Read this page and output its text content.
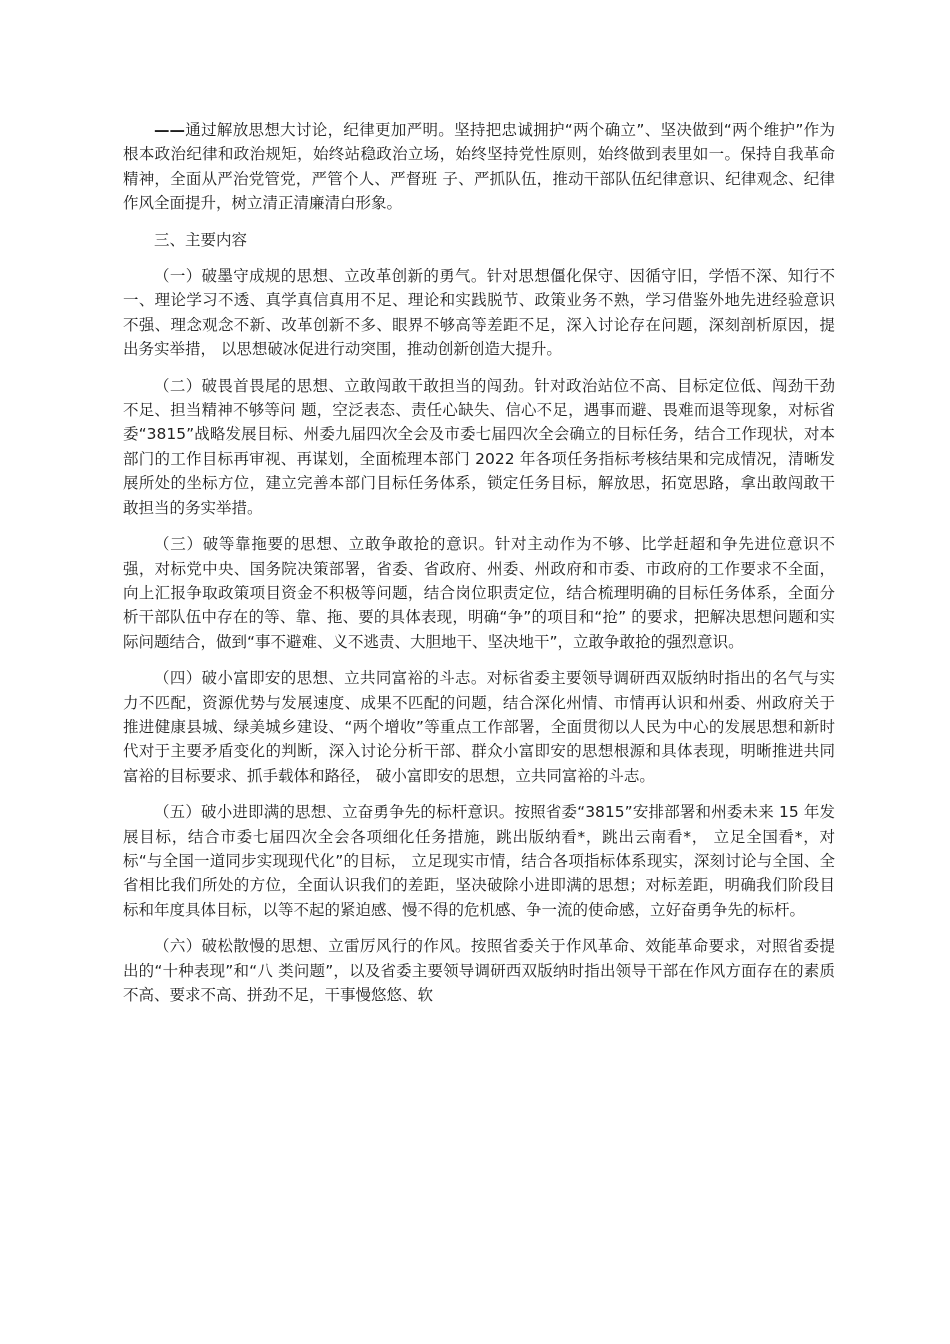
——通过解放思想大讨论，纪律更加严明。坚持把忠诚拥护“两个确立”、坚决做到“两个维护”作为根本政治纪律和政治规矩，始终站稳政治立场，始终坚持党性原则，始终做到表里如一。保持自我革命精神，全面从严治党管党，严管个人、严督班 子、严抓队伍，推动干部队伍纪律意识、纪律观念、纪律作风全面提升，树立清正清廉清白形象。

三、主要内容

（一）破墨守成规的思想、立改革创新的勇气。针对思想僵化保守、因循守旧，学悟不深、知行不一、理论学习不透、真学真信真用不足、理论和实践脱节、政策业务不熟，学习借鉴外地先进经验意识不强、理念观念不新、改革创新不多、眼界不够高等差距不足，深入讨论存在问题，深刻剖析原因，提出务实举措， 以思想破冰促进行动突围，推动创新创造大提升。

（二）破畏首畏尾的思想、立敢闯敢干敢担当的闯劲。针对政治站位不高、目标定位低、闯劲干劲不足、担当精神不够等问 题，空泛表态、责任心缺失、信心不足，遇事而避、畏难而退等现象，对标省委“3815”战略发展目标、州委九届四次全会及市委七届四次全会确立的目标任务，结合工作现状，对本部门的工作目标再审视、再谋划，全面梳理本部门 2022 年各项任务指标考核结果和完成情况，清晰发展所处的坐标方位，建立完善本部门目标任务体系，锁定任务目标，解放思，拓宽思路，拿出敢闯敢干敢担当的务实举措。

（三）破等靠拖要的思想、立敢争敢抢的意识。针对主动作为不够、比学赶超和争先进位意识不强，对标党中央、国务院决策部署，省委、省政府、州委、州政府和市委、市政府的工作要求不全面，向上汇报争取政策项目资金不积极等问题，结合岗位职责定位，结合梳理明确的目标任务体系，全面分析干部队伍中存在的等、靠、拖、要的具体表现，明确“争”的项目和“抢” 的要求，把解决思想问题和实际问题结合，做到“事不避难、义不逃责、大胆地干、坚决地干”，立敢争敢抢的强烈意识。

（四）破小富即安的思想、立共同富裕的斗志。对标省委主要领导调研西双版纳时指出的名气与实力不匹配，资源优势与发展速度、成果不匹配的问题，结合深化州情、市情再认识和州委、州政府关于推进健康县城、绿美城乡建设、“两个增收”等重点工作部署，全面贯彻以人民为中心的发展思想和新时代对于主要矛盾变化的判断，深入讨论分析干部、群众小富即安的思想根源和具体表现，明晰推进共同富裕的目标要求、抓手载体和路径， 破小富即安的思想，立共同富裕的斗志。

（五）破小进即满的思想、立奋勇争先的标杆意识。按照省委“3815”安排部署和州委未来 15 年发展目标，结合市委七届四次全会各项细化任务措施，跳出版纳看*，跳出云南看*， 立足全国看*，对标“与全国一道同步实现现代化”的目标， 立足现实市情，结合各项指标体系现实，深刻讨论与全国、全省相比我们所处的方位，全面认识我们的差距，坚决破除小进即满的思想；对标差距，明确我们阶段目标和年度具体目标，以等不起的紧迫感、慢不得的危机感、争一流的使命感，立好奋勇争先的标杆。

（六）破松散慢的思想、立雷厉风行的作风。按照省委关于作风革命、效能革命要求，对照省委提出的“十种表现”和“八 类问题”，以及省委主要领导调研西双版纳时指出领导干部在作风方面存在的素质不高、要求不高、拼劲不足，干事慢悠悠、软
